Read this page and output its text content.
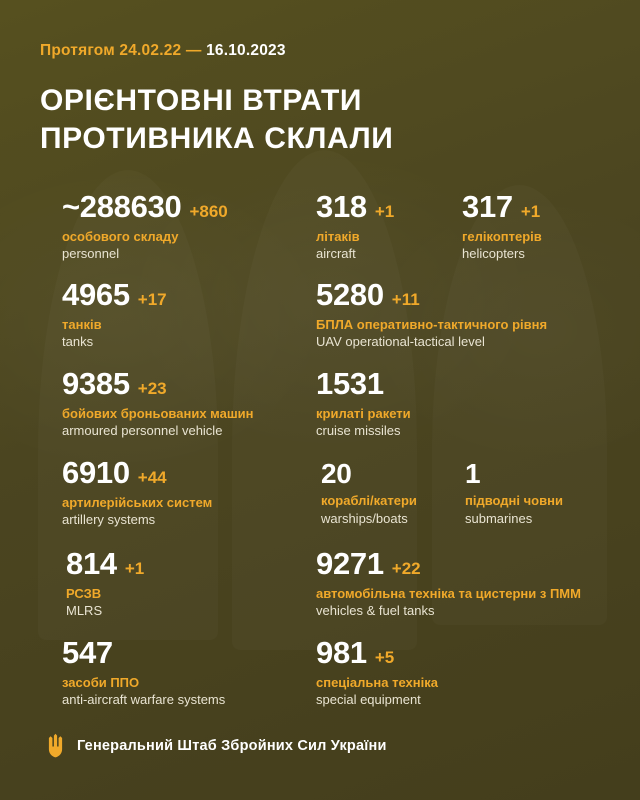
Протягом 24.02.22 — 16.10.2023
ОРІЄНТОВНІ ВТРАТИ
ПРОТИВНИКА СКЛАЛИ
~288630 +860
особового складу
personnel
318 +1
літаків
aircraft
317 +1
гелікоптерів
helicopters
4965 +17
танків
tanks
5280 +11
БПЛА оперативно-тактичного рівня
UAV operational-tactical level
9385 +23
бойових броньованих машин
armoured personnel vehicle
1531
крилаті ракети
cruise missiles
6910 +44
артилерійських систем
artillery systems
20
кораблі/катери
warships/boats
1
підводні човни
submarines
814 +1
РСЗВ
MLRS
9271 +22
автомобільна техніка та цистерни з ПММ
vehicles & fuel tanks
547
засоби ППО
anti-aircraft warfare systems
981 +5
спеціальна техніка
special equipment
Генеральний Штаб Збройних Сил України
